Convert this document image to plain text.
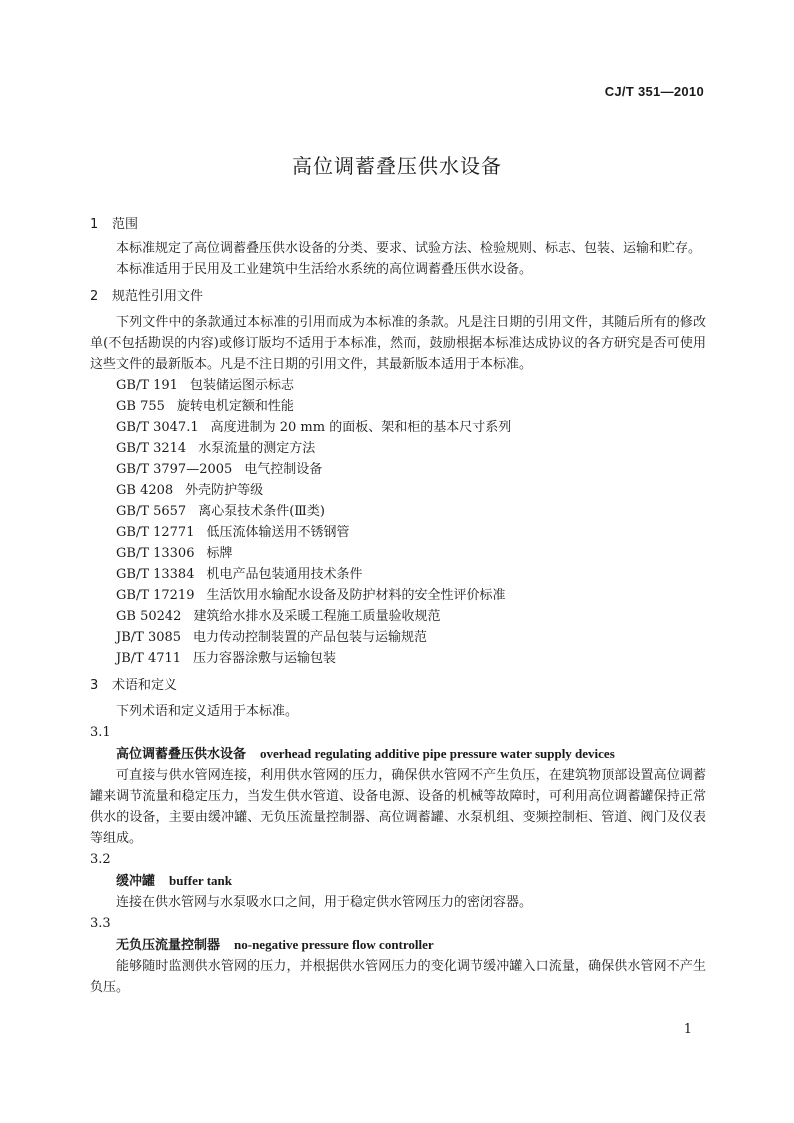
CJ/T 351—2010
高位调蓄叠压供水设备
1 范围

本标准规定了高位调蓄叠压供水设备的分类、要求、试验方法、检验规则、标志、包装、运输和贮存。

本标准适用于民用及工业建筑中生活给水系统的高位调蓄叠压供水设备。

2 规范性引用文件

下列文件中的条款通过本标准的引用而成为本标准的条款。凡是注日期的引用文件，其随后所有的修改单(不包括勘误的内容)或修订版均不适用于本标准，然而，鼓励根据本标准达成协议的各方研究是否可使用这些文件的最新版本。凡是不注日期的引用文件，其最新版本适用于本标准。

GB/T 191 包装储运图示标志

GB 755 旋转电机定额和性能

GB/T 3047.1 高度进制为 20 mm 的面板、架和柜的基本尺寸系列

GB/T 3214 水泵流量的测定方法

GB/T 3797—2005 电气控制设备

GB 4208 外壳防护等级

GB/T 5657 离心泵技术条件(Ⅲ类)

GB/T 12771 低压流体输送用不锈钢管

GB/T 13306 标牌

GB/T 13384 机电产品包装通用技术条件

GB/T 17219 生活饮用水输配水设备及防护材料的安全性评价标准

GB 50242 建筑给水排水及采暖工程施工质量验收规范

JB/T 3085 电力传动控制装置的产品包装与运输规范

JB/T 4711 压力容器涂敷与运输包装

3 术语和定义

下列术语和定义适用于本标准。

3.1

高位调蓄叠压供水设备 overhead regulating additive pipe pressure water supply devices

可直接与供水管网连接，利用供水管网的压力，确保供水管网不产生负压，在建筑物顶部设置高位调蓄罐来调节流量和稳定压力，当发生供水管道、设备电源、设备的机械等故障时，可利用高位调蓄罐保持正常供水的设备，主要由缓冲罐、无负压流量控制器、高位调蓄罐、水泵机组、变频控制柜、管道、阀门及仪表等组成。

3.2

缓冲罐 buffer tank

连接在供水管网与水泵吸水口之间，用于稳定供水管网压力的密闭容器。

3.3

无负压流量控制器 no-negative pressure flow controller

能够随时监测供水管网的压力，并根据供水管网压力的变化调节缓冲罐入口流量，确保供水管网不产生负压。

1
